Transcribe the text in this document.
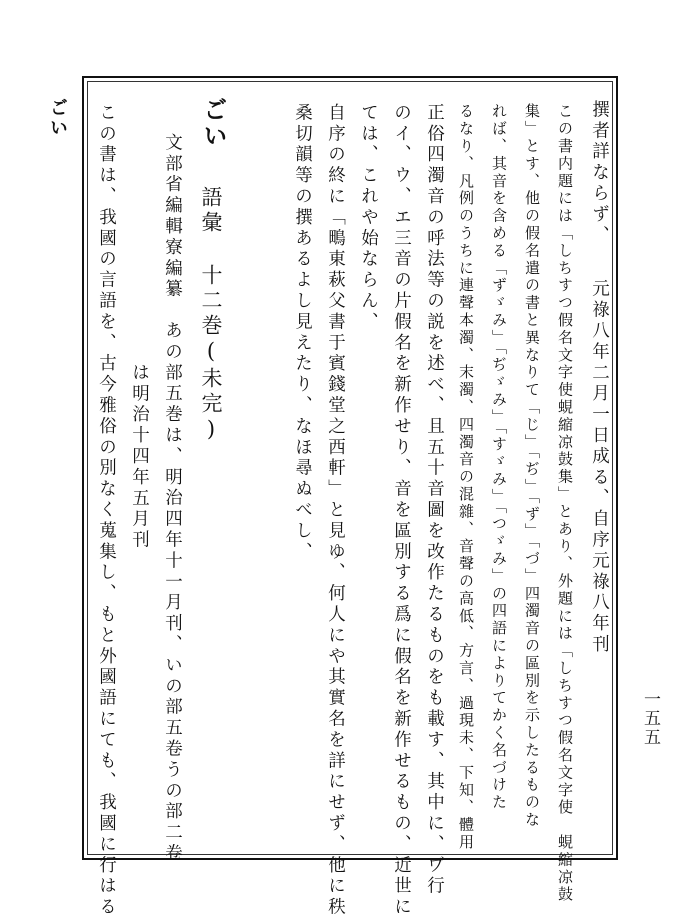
ごい
一五五
撰者詳ならず、　　元祿八年二月一日成る、自序元祿八年刊
この書内題には「しちすつ假名文字使蜆縮凉鼓集」とあり、外題には「しちすつ假名文字使　蜆縮凉鼓
集」とす、他の假名遣の書と異なりて「じ」「ぢ」「ず」「づ」四濁音の區別を示したるものな
れば、其音を含める「ずゞみ」「ぢゞみ」「すゞみ」「つゞみ」の四語によりてかく名づけた
るなり、凡例のうちに連聲本濁、末濁、四濁音の混雜、音聲の高低、方言、過現未、下知、體用
正俗四濁音の呼法等の説を述べ、且五十音圖を改作たるものをも載す、其中に、ヷ行
のイ、ウ、エ三音の片假名を新作せり、音を區別する爲に假名を新作せるもの、近世に
ては、これや始ならん、
自序の終に「鴫東萩父書于賓錢堂之西軒」と見ゆ、何人にや其實名を詳にせず、他に秩
桑切韻等の撰あるよし見えたり、なほ尋ぬべし、
ごい
語彙 十二巻(未完)
文部省編輯寮編纂　あの部五巻は、明治四年十一月刊、いの部五卷うの部二卷
は明治十四年五月刊
この書は、我國の言語を、古今雅俗の別なく蒐集し、もと外國語にても、我國に行はる
